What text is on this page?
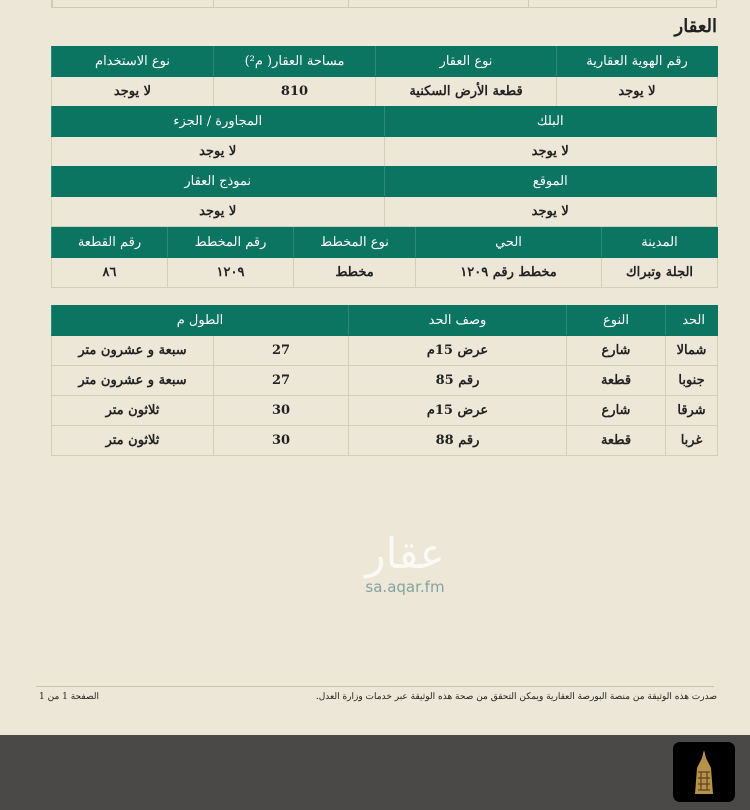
العقار
رقم الهوية العقارية	نوع العقار	مساحة العقار( م²)	نوع الاستخدام
لا يوجد	قطعة الأرض السكنية	810	لا يوجد
البلك	المجاورة / الجزء
لا يوجد	لا يوجد
الموقع	نموذج العقار
لا يوجد	لا يوجد
المدينة	الحي	نوع المخطط	رقم المخطط	رقم القطعة
الجلة وتبراك	مخطط رقم ١٢٠٩	مخطط	١٢٠٩	٨٦
الحد	النوع	وصف الحد	الطول م	
شمالا	شارع	عرض 15م	27	سبعة و عشرون متر
جنوبا	قطعة	رقم 85	27	سبعة و عشرون متر
شرقا	شارع	عرض 15م	30	ثلاثون متر
غربا	قطعة	رقم 88	30	ثلاثون متر
عقار
sa.aqar.fm
صدرت هذه الوثيقة من منصة البورصة العقارية ويمكن التحقق من صحة هذه الوثيقة عبر خدمات وزارة العدل.
الصفحة 1 من 1
